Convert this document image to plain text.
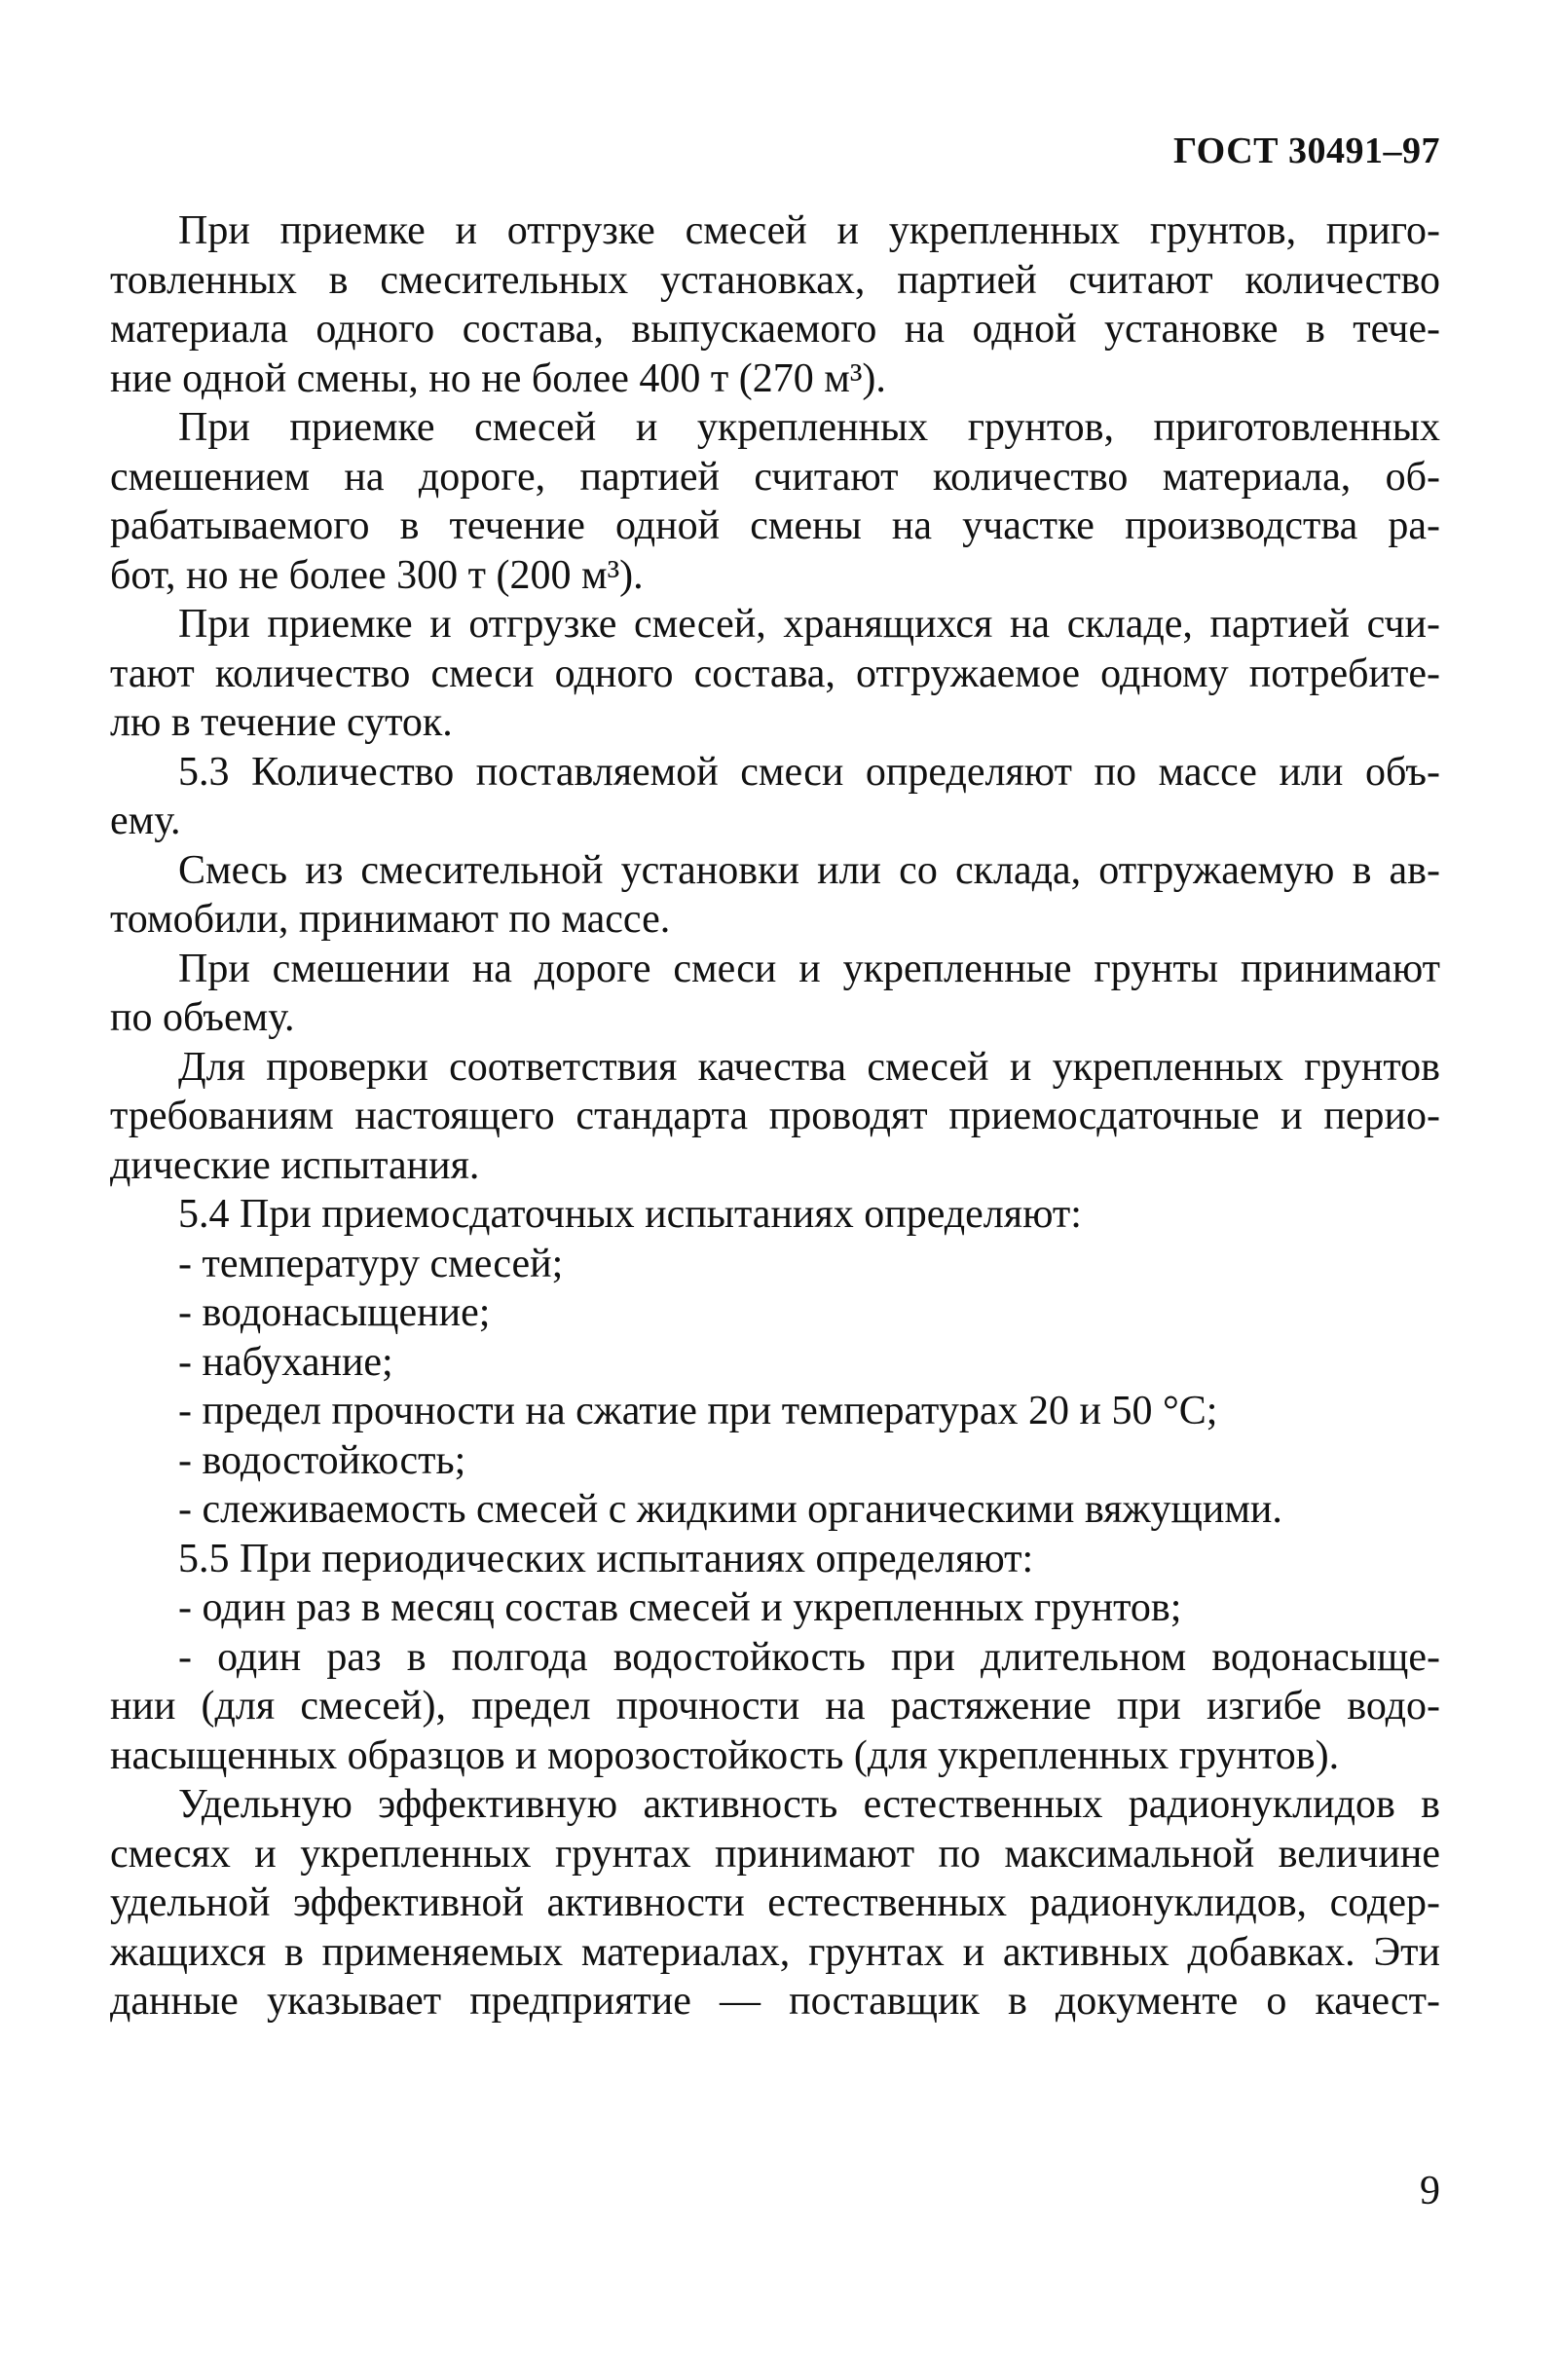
ГОСТ 30491–97
При приемке и отгрузке смесей и укрепленных грунтов, приго-
товленных в смесительных установках, партией считают количество
материала одного состава, выпускаемого на одной установке в тече-
ние одной смены, но не более 400 т (270 м³).
При приемке смесей и укрепленных грунтов, приготовленных
смешением на дороге, партией считают количество материала, об-
рабатываемого в течение одной смены на участке производства ра-
бот, но не более 300 т (200 м³).
При приемке и отгрузке смесей, хранящихся на складе, партией счи-
тают количество смеси одного состава, отгружаемое одному потребите-
лю в течение суток.
5.3 Количество поставляемой смеси определяют по массе или объ-
ему.
Смесь из смесительной установки или со склада, отгружаемую в ав-
томобили, принимают по массе.
При смешении на дороге смеси и укрепленные грунты принимают
по объему.
Для проверки соответствия качества смесей и укрепленных грунтов
требованиям настоящего стандарта проводят приемосдаточные и перио-
дические испытания.
5.4 При приемосдаточных испытаниях определяют:
- температуру смесей;
- водонасыщение;
- набухание;
- предел прочности на сжатие при температурах 20 и 50 °С;
- водостойкость;
- слеживаемость смесей с жидкими органическими вяжущими.
5.5 При периодических испытаниях определяют:
- один раз в месяц состав смесей и укрепленных грунтов;
- один раз в полгода водостойкость при длительном водонасыще-
нии (для смесей), предел прочности на растяжение при изгибе водо-
насыщенных образцов и морозостойкость (для укрепленных грунтов).
Удельную эффективную активность естественных радионуклидов в
смесях и укрепленных грунтах принимают по максимальной величине
удельной эффективной активности естественных радионуклидов, содер-
жащихся в применяемых материалах, грунтах и активных добавках. Эти
данные указывает предприятие — поставщик в документе о качест-
9
